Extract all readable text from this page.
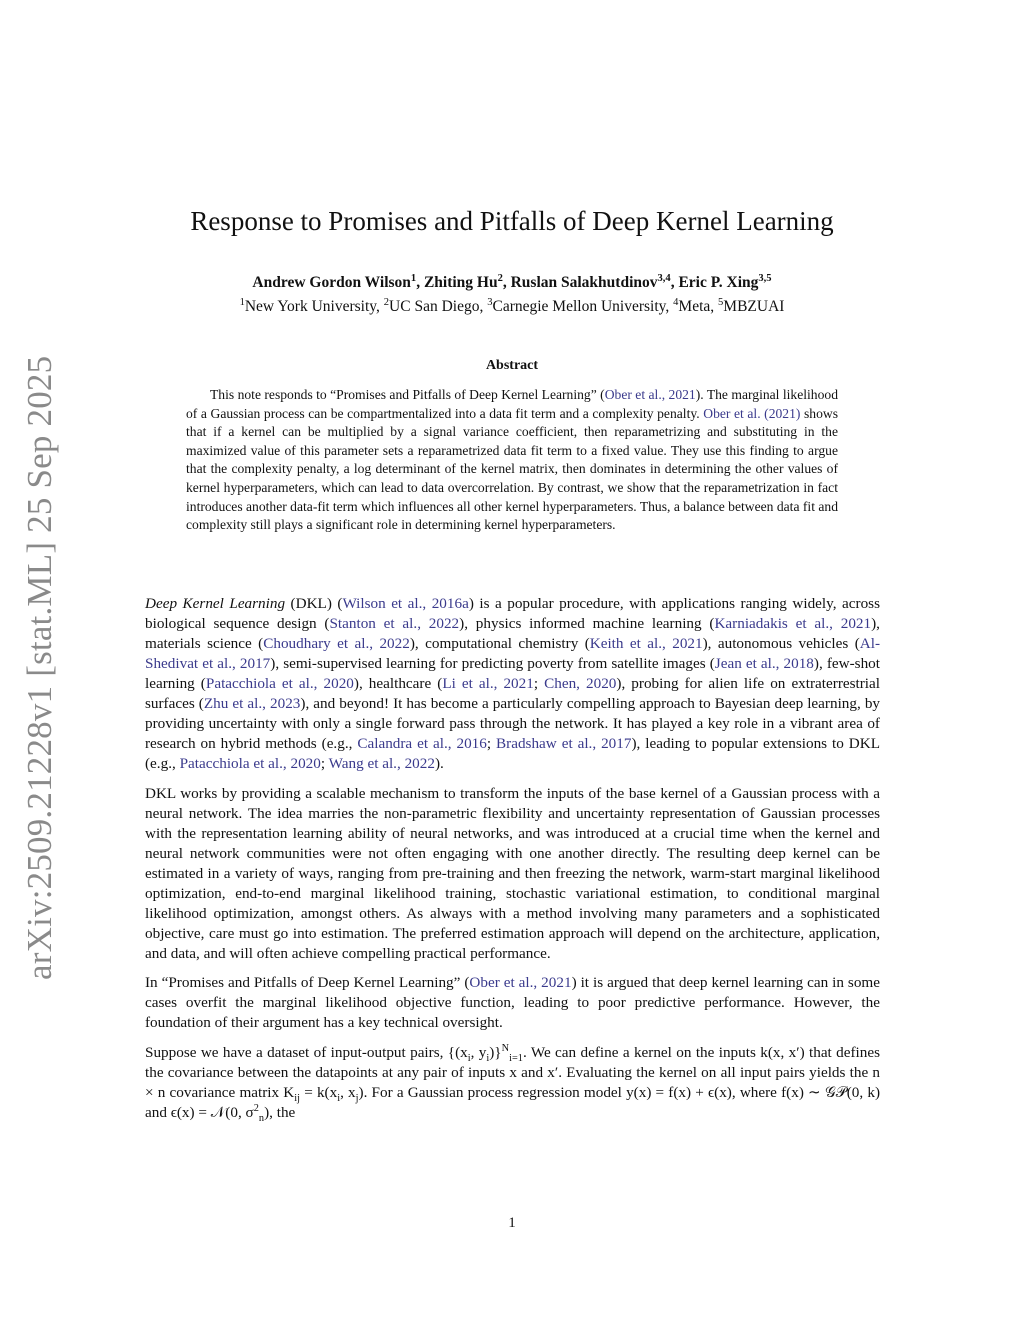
arXiv:2509.21228v1 [stat.ML] 25 Sep 2025
Response to Promises and Pitfalls of Deep Kernel Learning
Andrew Gordon Wilson$^1$, Zhiting Hu$^2$, Ruslan Salakhutdinov$^{3,4}$, Eric P. Xing$^{3,5}$
$^1$New York University, $^2$UC San Diego, $^3$Carnegie Mellon University, $^4$Meta, $^5$MBZUAI
Abstract

This note responds to “Promises and Pitfalls of Deep Kernel Learning” (Ober et al., 2021). The marginal likelihood of a Gaussian process can be compartmentalized into a data fit term and a complexity penalty. Ober et al. (2021) shows that if a kernel can be multiplied by a signal variance coefficient, then reparametrizing and substituting in the maximized value of this parameter sets a reparametrized data fit term to a fixed value. They use this finding to argue that the complexity penalty, a log determinant of the kernel matrix, then dominates in determining the other values of kernel hyperparameters, which can lead to data overcorrelation. By contrast, we show that the reparametrization in fact introduces another data-fit term which influences all other kernel hyperparameters. Thus, a balance between data fit and complexity still plays a significant role in determining kernel hyperparameters.

Deep Kernel Learning (DKL) (Wilson et al., 2016a) is a popular procedure, with applications ranging widely, across biological sequence design (Stanton et al., 2022), physics informed machine learning (Karniadakis et al., 2021), materials science (Choudhary et al., 2022), computational chemistry (Keith et al., 2021), autonomous vehicles (Al-Shedivat et al., 2017), semi-supervised learning for predicting poverty from satellite images (Jean et al., 2018), few-shot learning (Patacchiola et al., 2020), healthcare (Li et al., 2021; Chen, 2020), probing for alien life on extraterrestrial surfaces (Zhu et al., 2023), and beyond! It has become a particularly compelling approach to Bayesian deep learning, by providing uncertainty with only a single forward pass through the network. It has played a key role in a vibrant area of research on hybrid methods (e.g., Calandra et al., 2016; Bradshaw et al., 2017), leading to popular extensions to DKL (e.g., Patacchiola et al., 2020; Wang et al., 2022).

DKL works by providing a scalable mechanism to transform the inputs of the base kernel of a Gaussian process with a neural network. The idea marries the non-parametric flexibility and uncertainty representation of Gaussian processes with the representation learning ability of neural networks, and was introduced at a crucial time when the kernel and neural network communities were not often engaging with one another directly. The resulting deep kernel can be estimated in a variety of ways, ranging from pre-training and then freezing the network, warm-start marginal likelihood optimization, end-to-end marginal likelihood training, stochastic variational estimation, to conditional marginal likelihood optimization, amongst others. As always with a method involving many parameters and a sophisticated objective, care must go into estimation. The preferred estimation approach will depend on the architecture, application, and data, and will often achieve compelling practical performance.

In “Promises and Pitfalls of Deep Kernel Learning” (Ober et al., 2021) it is argued that deep kernel learning can in some cases overfit the marginal likelihood objective function, leading to poor predictive performance. However, the foundation of their argument has a key technical oversight.

Suppose we have a dataset of input-output pairs, {($x_i$, $y_i)\}^N_{i=1}$. We can define a kernel on the inputs k(x, x′) that defines the covariance between the datapoints at any pair of inputs x and x′. Evaluating the kernel on all input pairs yields the n × n covariance matrix $K_{ij} = k(x_i$, $x_j$). For a Gaussian process regression model y(x) = f(x) + ϵ(x), where f(x) ∼ 𝒢𝒫(0, k) and ϵ(x) = 𝒩(0, $\sigma^2_n$), the

1
